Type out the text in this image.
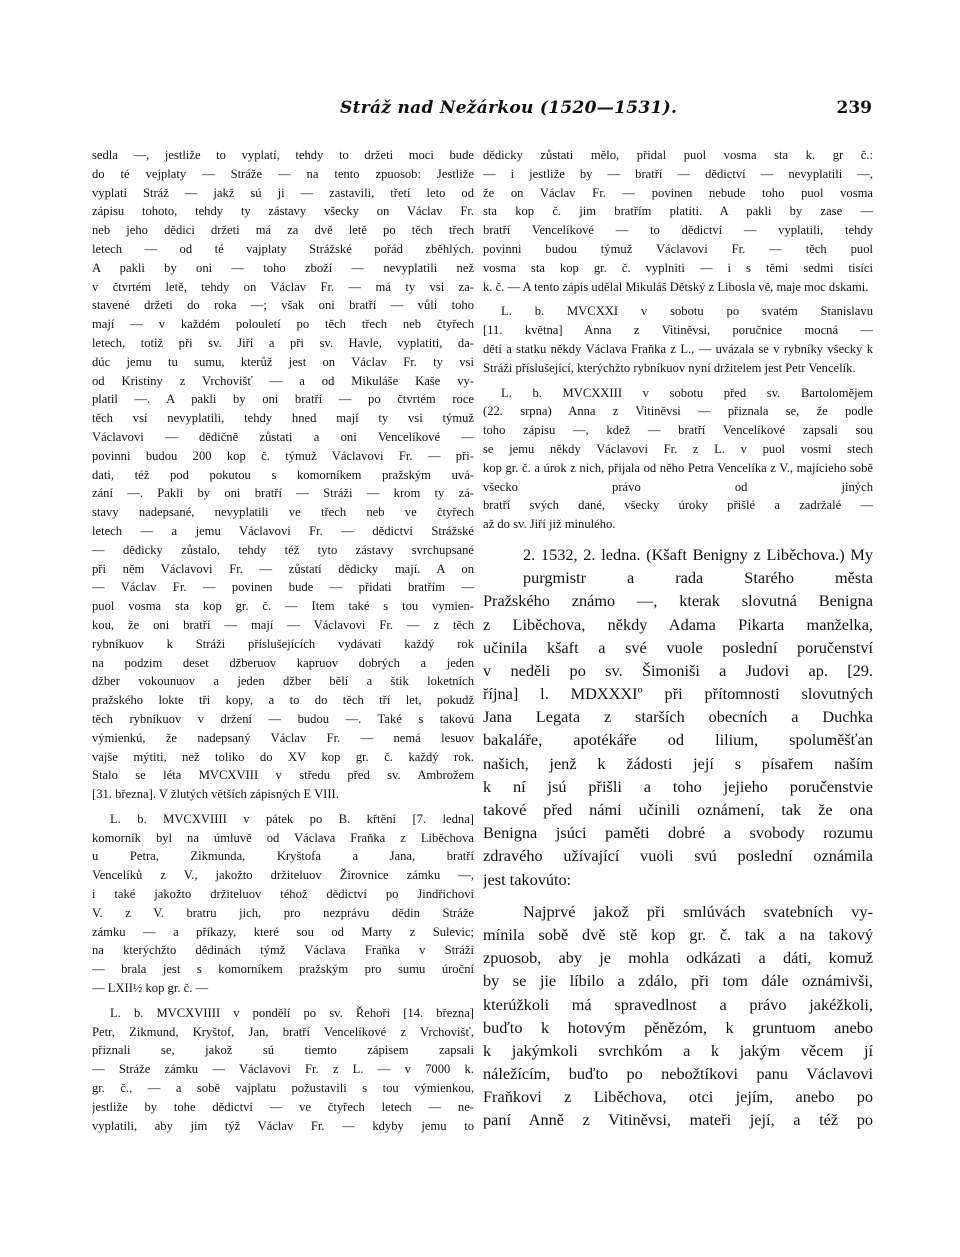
Stráž nad Nežárkou (1520—1531).	239
sedla —, jestliže to vyplatí, tehdy to držeti moci bude
do té vejplaty — Stráže — na tento zpuosob: Jestliže
vyplatí Stráž — jakž sú ji — zastavili, třetí leto od
zápisu tohoto, tehdy ty zástavy všecky on Václav Fr.
neb jeho dědici držeti má za dvě letě po těch třech
letech — od té vajplaty Strážské pořád zběhlých.
A pakli by oni — toho zboží — nevyplatili než
v čtvrtém letě, tehdy on Václav Fr. — má ty vsi za-
stavené držeti do roka —; však oni bratří — vůli toho
mají — v každém polouletí po těch třech neb čtyřech
letech, totiž při sv. Jiří a při sv. Havle, vyplatiti, da-
dúc jemu tu sumu, kterůž jest on Václav Fr. ty vsi
od Kristiny z Vrchovišť — a od Mikuláše Kaše vy-
platil —. A pakli by oni bratří — po čtvrtém roce
těch vsí nevyplatili, tehdy hned mají ty vsi týmuž
Václavovi — dědičně zůstati a oni Vencelíkové —
povinni budou 200 kop č. týmuž Václavovi Fr. — při-
dati, též pod pokutou s komorníkem pražským uvá-
zání —. Pakli by oni bratří — Stráži — krom ty zá-
stavy nadepsané, nevyplatili ve třech neb ve čtyřech
letech — a jemu Václavovi Fr. — dědictví Strážské
— dědicky zůstalo, tehdy též tyto zástavy svrchupsané
při něm Václavovi Fr. — zůstatí dědicky mají. A on
— Václav Fr. — povinen bude — přidati bratřím —
puol vosma sta kop gr. č. — Item také s tou vymien-
kou, že oni bratří — mají — Václavovi Fr. — z těch
rybníkuov k Stráži příslušejících vydávati každý rok
na podzim deset džberuov kapruov dobrých a jeden
džber vokounuov a jeden džber bělí a štik loketních
pražského lokte tři kopy, a to do těch tří let, pokudž
těch rybníkuov v držení — budou —. Také s takovú
výmienkú, že nadepsaný Václav Fr. — nemá lesuov
vajše mýtiti, než toliko do XV kop gr. č. každý rok.
Stalo se léta MVCXVIII v středu před sv. Ambrožem
[31. března]. V žlutých větších zápisných E VIII.
L. b. MVCXVIIII v pátek po B. křtění [7. ledna]
komorník byl na úmluvě od Václava Fraňka z Liběchova
u Petra, Zikmunda, Kryštofa a Jana, bratří
Vencelíků z V., jakožto držiteluov Žirovnice zámku —,
i také jakožto držiteluov téhož dědictví po Jindřichovi
V. z V. bratru jich, pro nezprávu dědin Stráže
zámku — a příkazy, které sou od Marty z Sulevic;
na kterýchžto dědinách týmž Václava Fraňka v Stráži
— brala jest s komorníkem pražským pro sumu úroční
— LXII½ kop gr. č. —
L. b. MVCXVIIII v pondělí po sv. Řehoři [14. března]
Petr, Zikmund, Kryštof, Jan, bratří Vencelíkové z Vrchovišť,
přiznali se, jakož sú tiemto zápisem zapsali
— Stráže zámku — Václavovi Fr. z L. — v 7000 k.
gr. č., — a sobě vajplatu požustavili s tou výmienkou,
jestliže by tohe dědictví — ve čtyřech letech — ne-
vyplatili, aby jim týž Václav Fr. — kdyby jemu to
dědicky zůstati mělo, přidal puol vosma sta k. gr č.:
— i jestliže by — bratří — dědictví — nevyplatili —,
že on Václav Fr. — povinen nebude toho puol vosma
sta kop č. jim bratřím platiti. A pakli by zase —
bratří Vencelíkové — to dědictví — vyplatili, tehdy
povinni budou týmuž Václavovi Fr. — těch puol
vosma sta kop gr. č. vyplniti — i s těmi sedmi tisíci
k. č. — A tento zápis udělal Mikuláš Dětský z Libosla vě, maje moc dskami.
L. b. MVCXXI v sobotu po svatém Stanislavu
[11. května] Anna z Vitiněvsi, poručnice mocná —
dětí a statku někdy Václava Fraňka z L., — uvázala se v rybníky všecky k Stráži příslušející, kterýchžto rybníkuov nyní držitelem jest Petr Vencelík.
L. b. MVCXXIII v sobotu před sv. Bartolomějem
(22. srpna) Anna z Vitiněvsi — přiznala se, že podle
toho zápisu —, kdež — bratří Vencelíkové zapsali sou
se jemu někdy Václavovi Fr. z L. v puol vosmi stech
kop gr. č. a úrok z nich, přijala od něho Petra Vencelíka z V., majícieho sobě všecko právo od jiných
bratří svých dané, všecky úroky přišlé a zadržalé —
až do sv. Jiří již minulého.
2. 1532, 2. ledna. (Kšaft Benigny z Liběchova.) My purgmistr a rada Starého města
Pražského známo —, kterak slovutná Benigna
z Liběchova, někdy Adama Pikarta manželka,
učinila kšaft a své vuole poslední poručenství
v neděli po sv. Šimoniši a Judovi ap. [29.
října] l. MDXXXIº při přítomnosti slovutných
Jana Legata z starších obecních a Duchka
bakaláře, apotékáře od lilium, spoluměšťan
našich, jenž k žádosti její s písařem naším
k ní jsú přišli a toho jejieho poručenstvie
takové před námi učinili oznámení, tak že ona
Benigna jsúci paměti dobré a svobody rozumu
zdravého užívající vuoli svú poslední oznámila
jest takovúto:
Najprvé jakož při smlúvách svatebních vy-
mínila sobě dvě stě kop gr. č. tak a na takový
zpuosob, aby je mohla odkázati a dáti, komuž
by se jie líbilo a zdálo, při tom dále oznámivši,
kterúžkoli má spravedlnost a právo jakéžkoli,
buďto k hotovým pěnězóm, k gruntuom anebo
k jakýmkoli svrchkóm a k jakým věcem jí
náležícím, buďto po nebožtíkovi panu Václavovi
Fraňkovi z Liběchova, otci jejím, anebo po
paní Anně z Vitiněvsi, mateři její, a též po
